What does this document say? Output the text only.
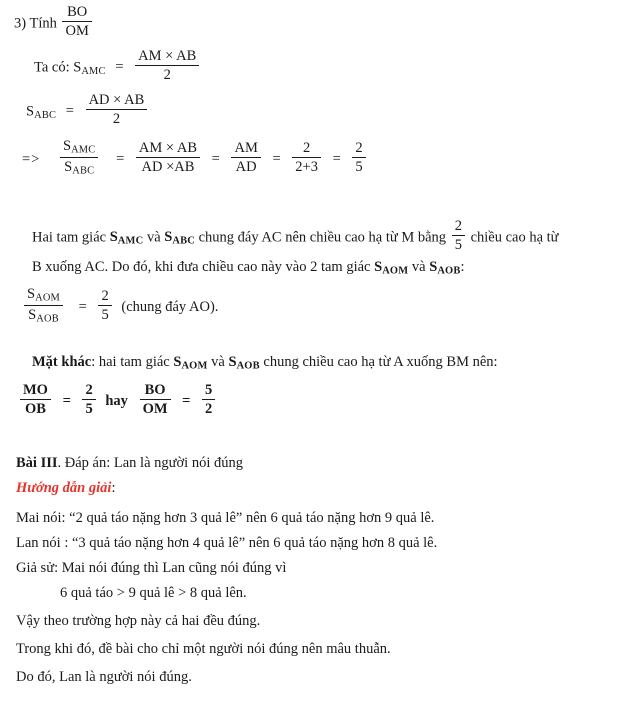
3) Tính $\frac{BO}{OM}$
Ta có: $S_{AMC} = \frac{AM \times AB}{2}$
$S_{ABC} = \frac{AD \times AB}{2}$
=> $\frac{S_{AMC}}{S_{ABC}} = \frac{AM \times AB}{AD \times AB} = \frac{AM}{AD} = \frac{2}{2+3} = \frac{2}{5}$
Hai tam giác $S_{AMC}$ và $S_{ABC}$ chung đáy AC nên chiều cao hạ từ M bằng $\frac{2}{5}$ chiều cao hạ từ
B xuống AC. Do đó, khi đưa chiều cao này vào 2 tam giác $S_{AOM}$ và $S_{AOB}$:
$\frac{S_{AOM}}{S_{AOB}} = \frac{2}{5}$ (chung đáy AO).
Mặt khác: hai tam giác $S_{AOM}$ và $S_{AOB}$ chung chiều cao hạ từ A xuống BM nên:
$\frac{MO}{OB} = \frac{2}{5}$ hay $\frac{BO}{OM} = \frac{5}{2}$
Bài III. Đáp án: Lan là người nói đúng
Hướng dẫn giải:
Mai nói: “2 quả táo nặng hơn 3 quả lê” nên 6 quả táo nặng hơn 9 quả lê.
Lan nói : “3 quả táo nặng hơn 4 quả lê” nên 6 quả táo nặng hơn 8 quả lê.
Giả sử: Mai nói đúng thì Lan cũng nói đúng vì
6 quả táo > 9 quả lê > 8 quả lên.
Vậy theo trường hợp này cả hai đều đúng.
Trong khi đó, đề bài cho chỉ một người nói đúng nên mâu thuẫn.
Do đó, Lan là người nói đúng.
